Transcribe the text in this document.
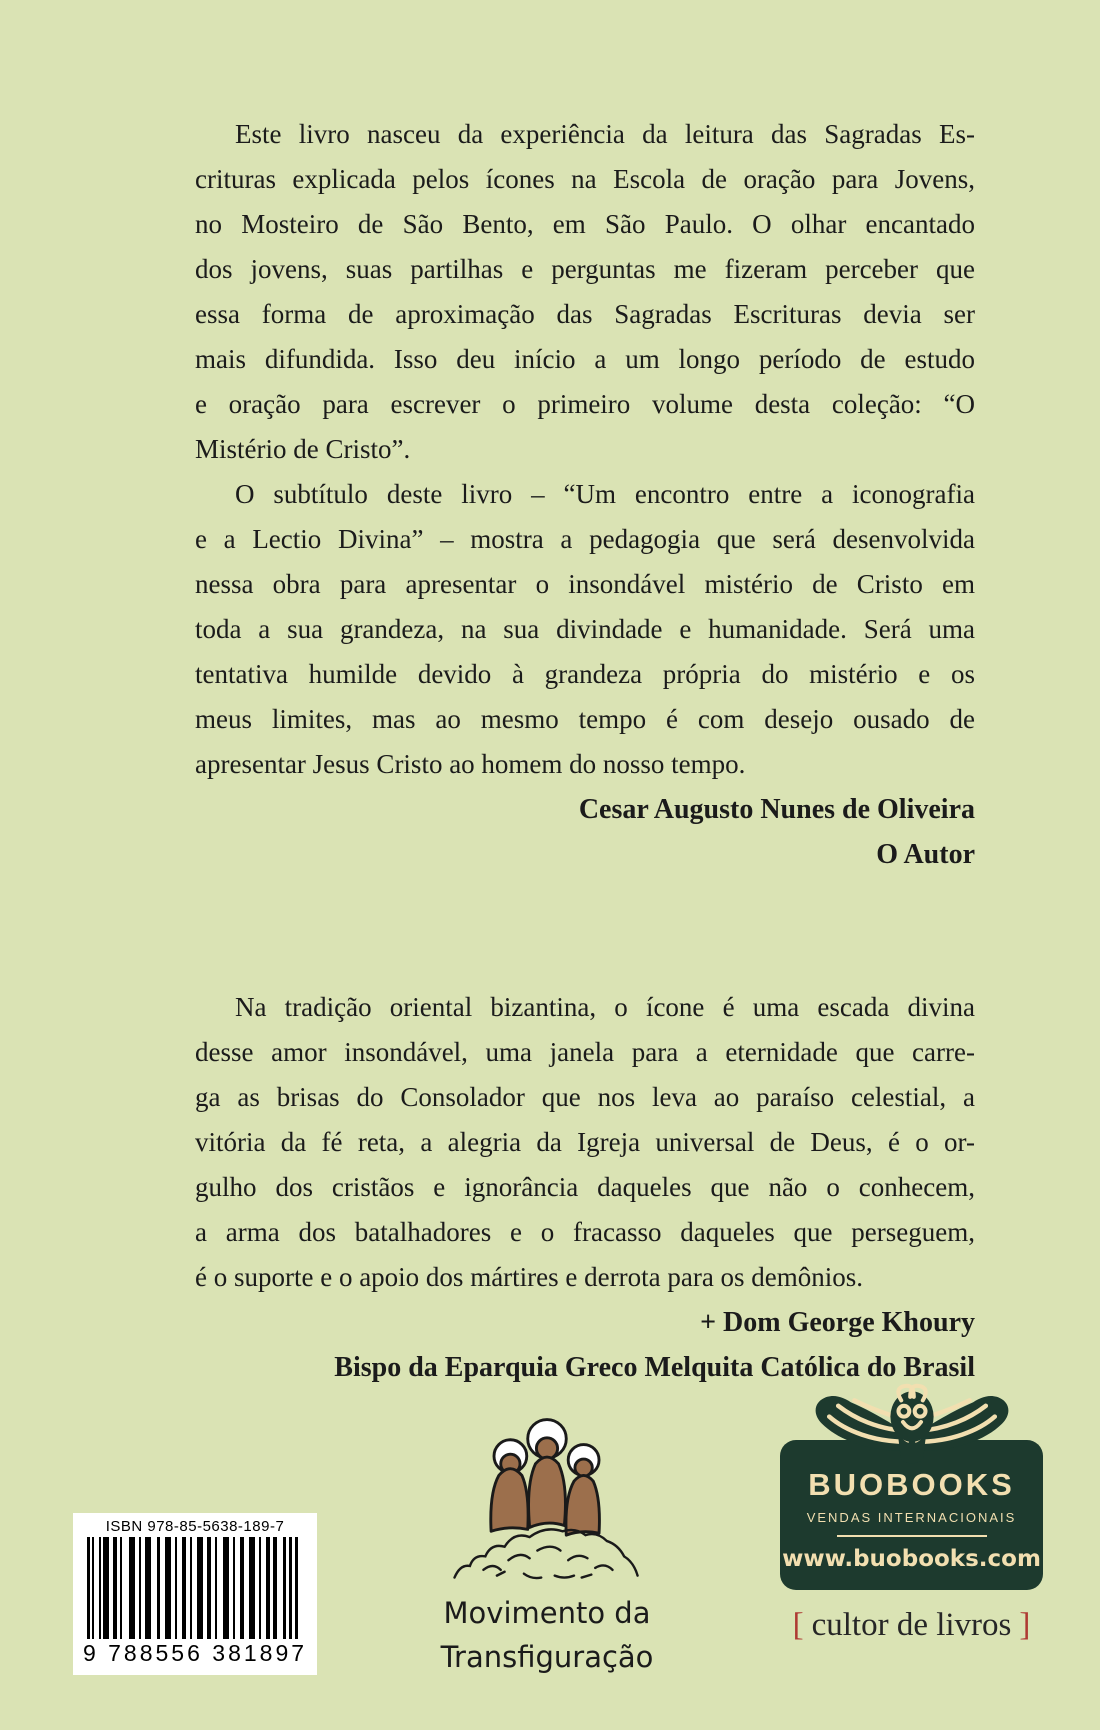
Este livro nasceu da experiência da leitura das Sagradas Es-
crituras explicada pelos ícones na Escola de oração para Jovens,
no Mosteiro de São Bento, em São Paulo. O olhar encantado
dos jovens, suas partilhas e perguntas me fizeram perceber que
essa forma de aproximação das Sagradas Escrituras devia ser
mais difundida. Isso deu início a um longo período de estudo
e oração para escrever o primeiro volume desta coleção: “O
Mistério de Cristo”.
O subtítulo deste livro – “Um encontro entre a iconografia
e a Lectio Divina” – mostra a pedagogia que será desenvolvida
nessa obra para apresentar o insondável mistério de Cristo em
toda a sua grandeza, na sua divindade e humanidade. Será uma
tentativa humilde devido à grandeza própria do mistério e os
meus limites, mas ao mesmo tempo é com desejo ousado de
apresentar Jesus Cristo ao homem do nosso tempo.
Cesar Augusto Nunes de Oliveira
O Autor
Na tradição oriental bizantina, o ícone é uma escada divina
desse amor insondável, uma janela para a eternidade que carre-
ga as brisas do Consolador que nos leva ao paraíso celestial, a
vitória da fé reta, a alegria da Igreja universal de Deus, é o or-
gulho dos cristãos e ignorância daqueles que não o conhecem,
a arma dos batalhadores e o fracasso daqueles que perseguem,
é o suporte e o apoio dos mártires e derrota para os demônios.
+ Dom George Khoury
Bispo da Eparquia Greco Melquita Católica do Brasil
ISBN 978-85-5638-189-7
9 788556 381897
Movimento da
Transfiguração
BUOBOOKS
VENDAS INTERNACIONAIS
www.buobooks.com
[ cultor de livros ]
